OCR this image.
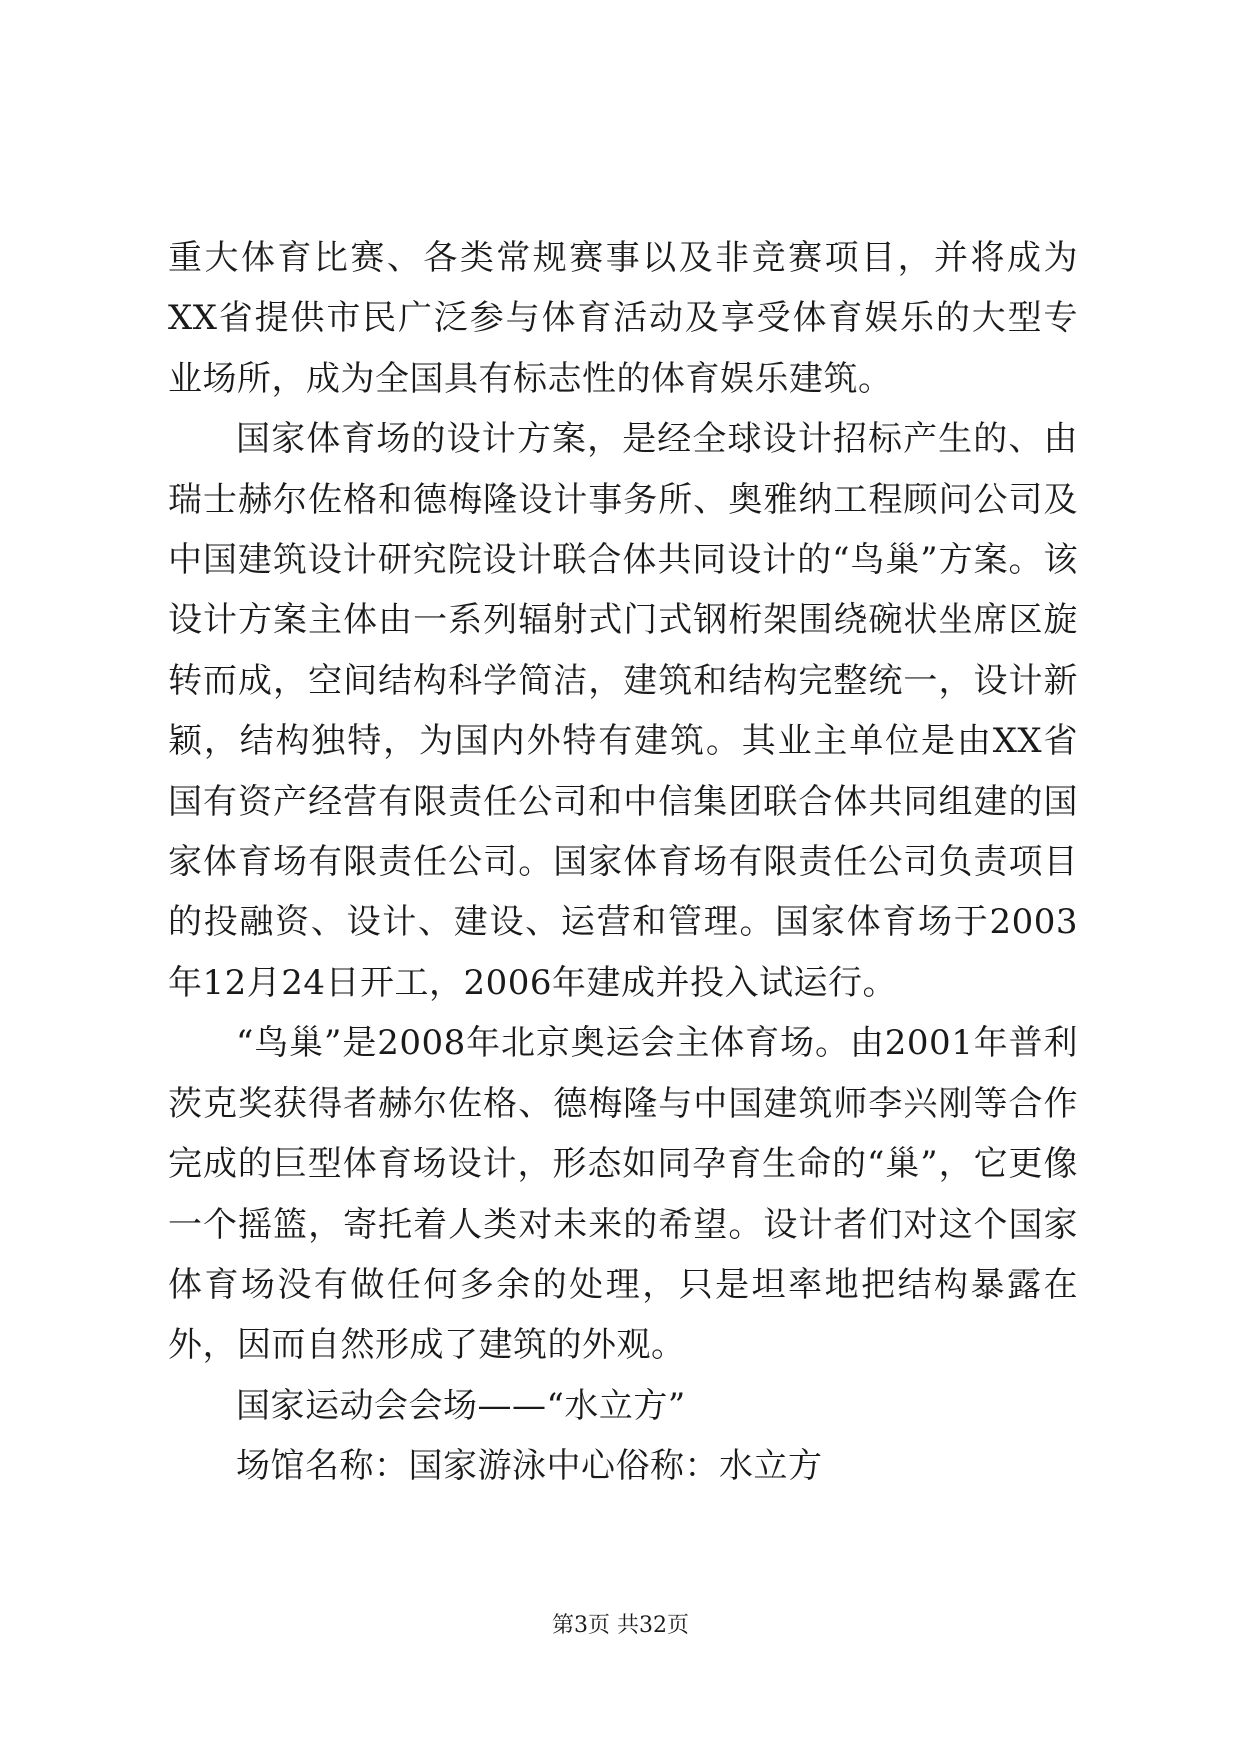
重大体育比赛、各类常规赛事以及非竞赛项目，并将成为XX省提供市民广泛参与体育活动及享受体育娱乐的大型专业场所，成为全国具有标志性的体育娱乐建筑。

国家体育场的设计方案，是经全球设计招标产生的、由瑞士赫尔佐格和德梅隆设计事务所、奥雅纳工程顾问公司及中国建筑设计研究院设计联合体共同设计的“鸟巢”方案。该设计方案主体由一系列辐射式门式钢桁架围绕碗状坐席区旋转而成，空间结构科学简洁，建筑和结构完整统一，设计新颖，结构独特，为国内外特有建筑。其业主单位是由XX省国有资产经营有限责任公司和中信集团联合体共同组建的国家体育场有限责任公司。国家体育场有限责任公司负责项目的投融资、设计、建设、运营和管理。国家体育场于2003年12月24日开工，2006年建成并投入试运行。

“鸟巢”是2008年北京奥运会主体育场。由2001年普利茨克奖获得者赫尔佐格、德梅隆与中国建筑师李兴刚等合作完成的巨型体育场设计，形态如同孕育生命的“巢”，它更像一个摇篮，寄托着人类对未来的希望。设计者们对这个国家体育场没有做任何多余的处理，只是坦率地把结构暴露在外，因而自然形成了建筑的外观。

国家运动会会场——“水立方”

场馆名称：国家游泳中心俗称：水立方

第3页 共32页
